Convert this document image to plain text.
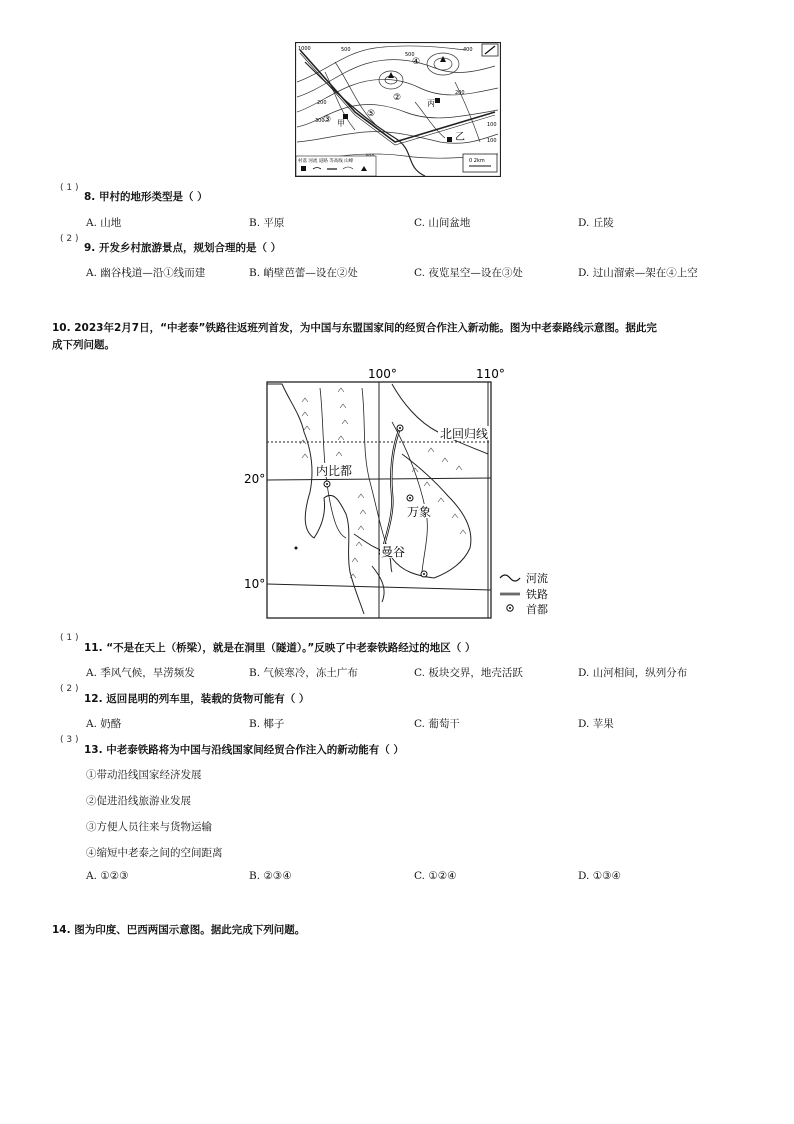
1000	500	400
200
100
200
300
500
100
②
③
④
⑤
甲
丙
乙
0 2km
村落 河流 道路 等高线 山峰
( 1 )
8. 甲村的地形类型是（ ）
A. 山地	B. 平原	C. 山间盆地	D. 丘陵
( 2 )
9. 开发乡村旅游景点，规划合理的是（ ）
A. 幽谷栈道—沿①线而建	B. 峭壁芭蕾—设在②处	C. 夜览星空—设在③处	D. 过山溜索—架在④上空
10. 2023年2月7日，“中老泰”铁路往返班列首发，为中国与东盟国家间的经贸合作注入新动能。图为中老泰路线示意图。据此完
成下列问题。
100°	110°
20°
10°
北回归线
内比都
万象
曼谷
河流
铁路
首都
( 1 )
11. “不是在天上（桥梁），就是在洞里（隧道）。”反映了中老泰铁路经过的地区（ ）
A. 季风气候，旱涝频发	B. 气候寒冷，冻土广布	C. 板块交界，地壳活跃	D. 山河相间，纵列分布
( 2 )
12. 返回昆明的列车里，装载的货物可能有（ ）
A. 奶酪	B. 椰子	C. 葡萄干	D. 苹果
( 3 )
13. 中老泰铁路将为中国与沿线国家间经贸合作注入的新动能有（ ）
①带动沿线国家经济发展
②促进沿线旅游业发展
③方便人员往来与货物运输
④缩短中老泰之间的空间距离
A. ①②③	B. ②③④	C. ①②④	D. ①③④
14. 图为印度、巴西两国示意图。据此完成下列问题。
